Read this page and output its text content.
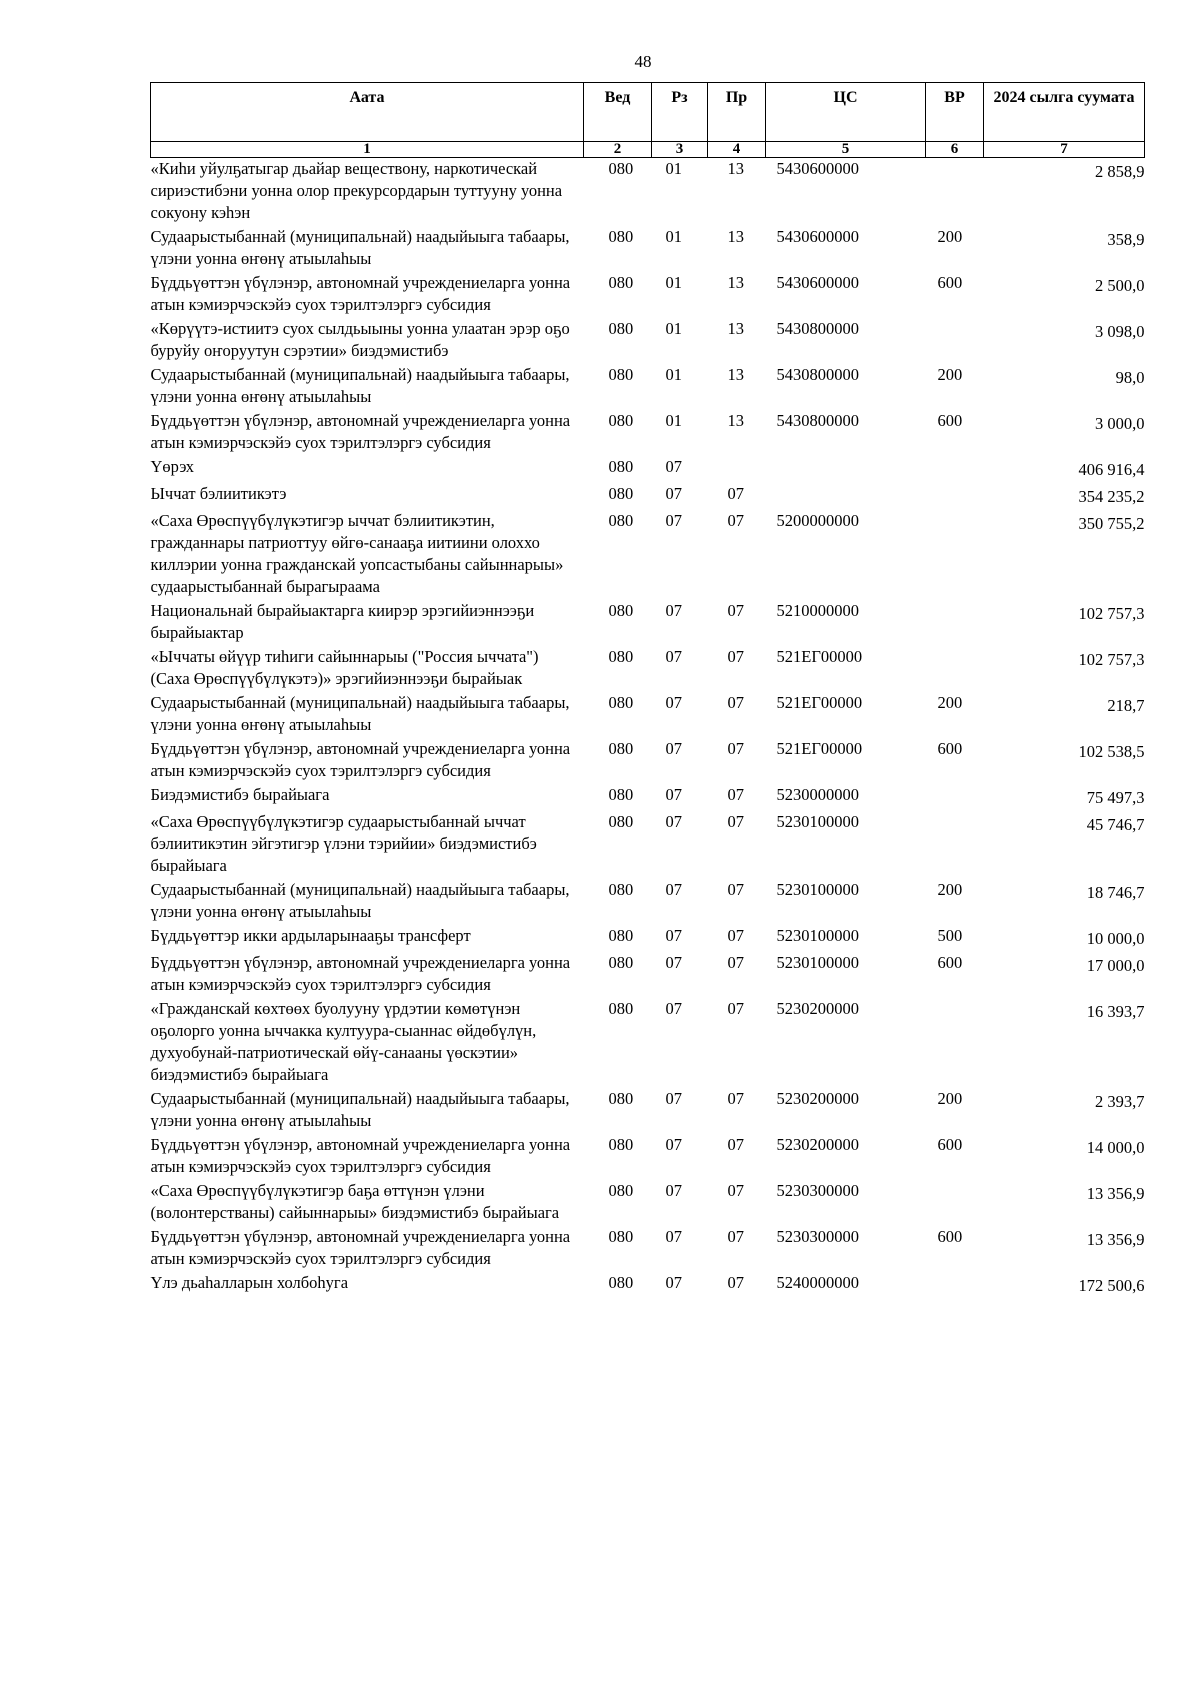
48
Аата	Вед	Рз	Пр	ЦС	ВР	2024 сылга суумата
1	2	3	4	5	6	7
«Киhи уйулҕатыгар дьайар веществону, наркотическай сириэстибэни уонна олор прекурсордарын туттууну уонна сокуону кэhэн	080	01	13	5430600000		2 858,9
Судаарыстыбаннай (муниципальнай) наадыйыыга табаары, үлэни уонна өҥөнү атыылаhыы	080	01	13	5430600000	200	358,9
Бүддьүөттэн үбүлэнэр, автономнай учреждениеларга уонна атын кэмиэрчэскэйэ суох тэрилтэлэргэ субсидия	080	01	13	5430600000	600	2 500,0
«Көрүүтэ-истиитэ суох сылдьыыны уонна улаатан эрэр оҕо буруйу оҥоруутун сэрэтии» биэдэмистибэ	080	01	13	5430800000		3 098,0
Судаарыстыбаннай (муниципальнай) наадыйыыга табаары, үлэни уонна өҥөнү атыылаhыы	080	01	13	5430800000	200	98,0
Бүддьүөттэн үбүлэнэр, автономнай учреждениеларга уонна атын кэмиэрчэскэйэ суох тэрилтэлэргэ субсидия	080	01	13	5430800000	600	3 000,0
Үөрэх	080	07				406 916,4
Ыччат бэлиитикэтэ	080	07	07			354 235,2
«Саха Өрөспүүбүлүкэтигэр ыччат бэлиитикэтин, гражданнары патриоттуу өйгө-санааҕа иитиини олоххо киллэрии уонна гражданскай уопсастыбаны сайыннарыы» судаарыстыбаннай бырагыраама	080	07	07	5200000000		350 755,2
Национальнай бырайыактарга киирэр эрэгийиэннээҕи бырайыактар	080	07	07	5210000000		102 757,3
«Ыччаты өйүүр тиhиги сайыннарыы ("Россия ыччата") (Саха Өрөспүүбүлүкэтэ)» эрэгийиэннээҕи бырайыак	080	07	07	521ЕГ00000		102 757,3
Судаарыстыбаннай (муниципальнай) наадыйыыга табаары, үлэни уонна өҥөнү атыылаhыы	080	07	07	521ЕГ00000	200	218,7
Бүддьүөттэн үбүлэнэр, автономнай учреждениеларга уонна атын кэмиэрчэскэйэ суох тэрилтэлэргэ субсидия	080	07	07	521ЕГ00000	600	102 538,5
Биэдэмистибэ бырайыага	080	07	07	5230000000		75 497,3
«Саха Өрөспүүбүлүкэтигэр судаарыстыбаннай ыччат бэлиитикэтин эйгэтигэр үлэни тэрийии» биэдэмистибэ бырайыага	080	07	07	5230100000		45 746,7
Судаарыстыбаннай (муниципальнай) наадыйыыга табаары, үлэни уонна өҥөнү атыылаhыы	080	07	07	5230100000	200	18 746,7
Бүддьүөттэр икки ардыларынааҕы трансферт	080	07	07	5230100000	500	10 000,0
Бүддьүөттэн үбүлэнэр, автономнай учреждениеларга уонна атын кэмиэрчэскэйэ суох тэрилтэлэргэ субсидия	080	07	07	5230100000	600	17 000,0
«Гражданскай көхтөөх буолууну үрдэтии көмөтүнэн оҕолорго уонна ыччакка култуура-сыаннас өйдөбүлүн, духуобунай-патриотическай өйү-санааны үөскэтии» биэдэмистибэ бырайыага	080	07	07	5230200000		16 393,7
Судаарыстыбаннай (муниципальнай) наадыйыыга табаары, үлэни уонна өҥөнү атыылаhыы	080	07	07	5230200000	200	2 393,7
Бүддьүөттэн үбүлэнэр, автономнай учреждениеларга уонна атын кэмиэрчэскэйэ суох тэрилтэлэргэ субсидия	080	07	07	5230200000	600	14 000,0
«Саха Өрөспүүбүлүкэтигэр баҕа өттүнэн үлэни (волонтерстваны) сайыннарыы» биэдэмистибэ бырайыага	080	07	07	5230300000		13 356,9
Бүддьүөттэн үбүлэнэр, автономнай учреждениеларга уонна атын кэмиэрчэскэйэ суох тэрилтэлэргэ субсидия	080	07	07	5230300000	600	13 356,9
Үлэ дьаhалларын холбоhуга	080	07	07	5240000000		172 500,6
